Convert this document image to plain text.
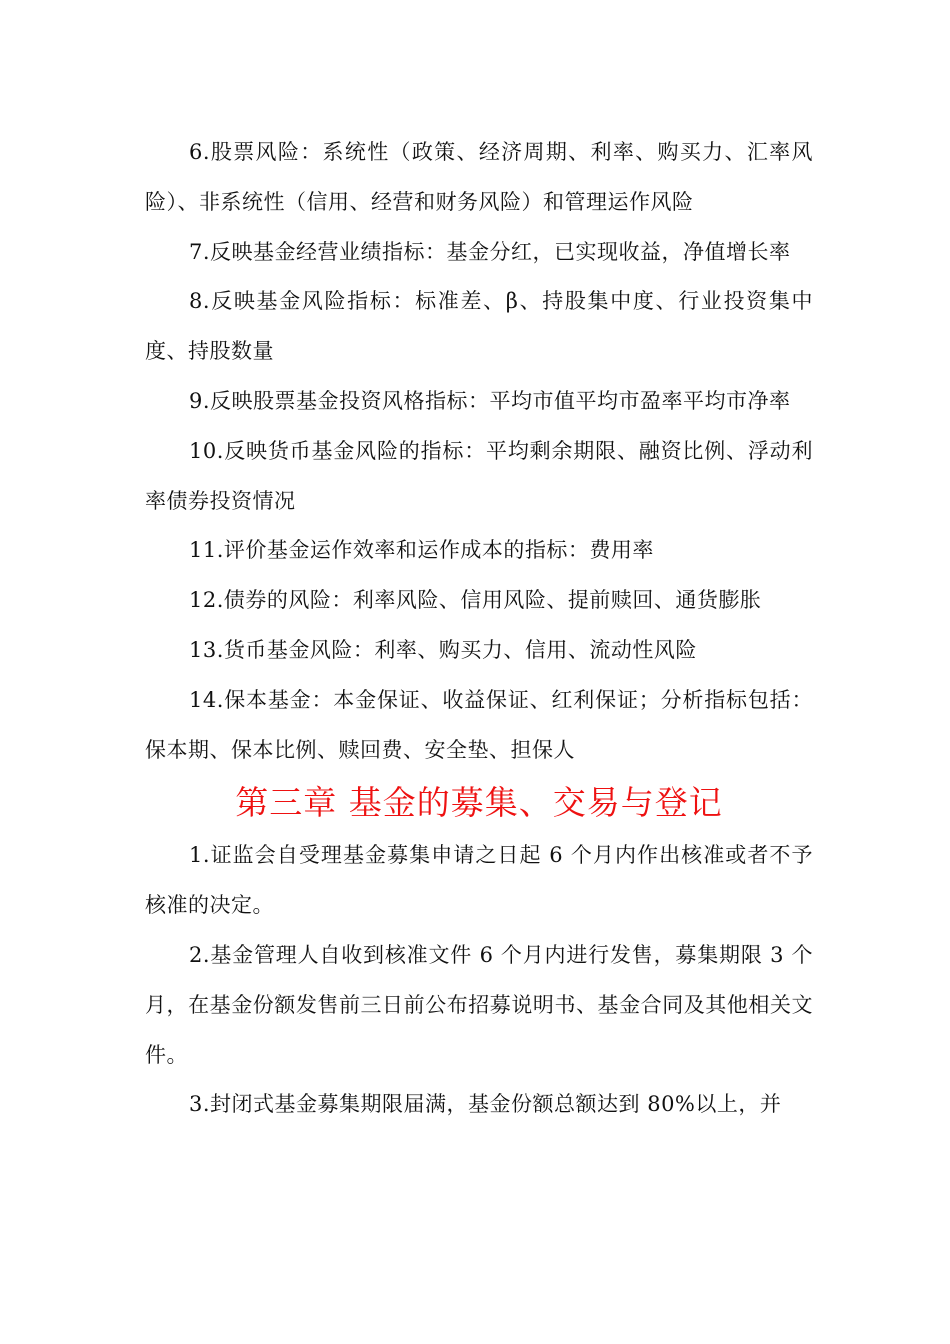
6.股票风险：系统性（政策、经济周期、利率、购买力、汇率风险）、非系统性（信用、经营和财务风险）和管理运作风险

7.反映基金经营业绩指标：基金分红，已实现收益，净值增长率

8.反映基金风险指标：标准差、β、持股集中度、行业投资集中度、持股数量

9.反映股票基金投资风格指标：平均市值平均市盈率平均市净率

10.反映货币基金风险的指标：平均剩余期限、融资比例、浮动利率债券投资情况

11.评价基金运作效率和运作成本的指标：费用率

12.债券的风险：利率风险、信用风险、提前赎回、通货膨胀

13.货币基金风险：利率、购买力、信用、流动性风险

14.保本基金：本金保证、收益保证、红利保证；分析指标包括：保本期、保本比例、赎回费、安全垫、担保人

第三章 基金的募集、交易与登记

1.证监会自受理基金募集申请之日起 6 个月内作出核准或者不予核准的决定。

2.基金管理人自收到核准文件 6 个月内进行发售，募集期限 3 个月，在基金份额发售前三日前公布招募说明书、基金合同及其他相关文件。

3.封闭式基金募集期限届满，基金份额总额达到 80%以上，并
